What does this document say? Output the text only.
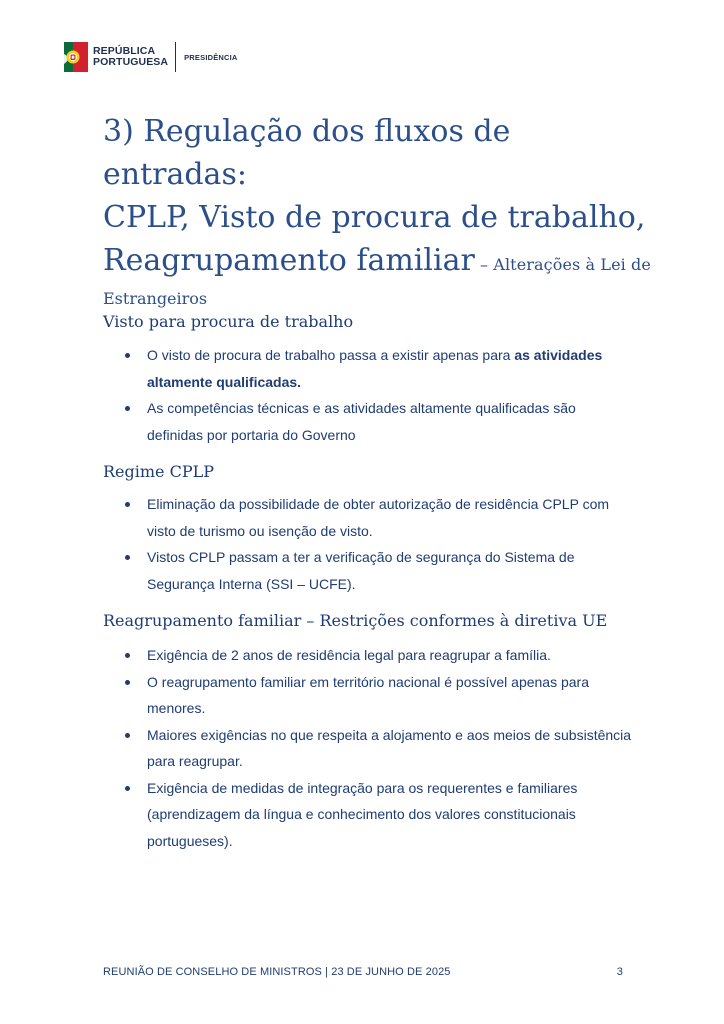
REPÚBLICA
PORTUGUESA PRESIDÊNCIA
3) Regulação dos fluxos de entradas:
CPLP, Visto de procura de trabalho,
Reagrupamento familiar – Alterações à Lei de
Estrangeiros
Visto para procura de trabalho
O visto de procura de trabalho passa a existir apenas para as atividades altamente qualificadas.
As competências técnicas e as atividades altamente qualificadas são definidas por portaria do Governo
Regime CPLP
Eliminação da possibilidade de obter autorização de residência CPLP com visto de turismo ou isenção de visto.
Vistos CPLP passam a ter a verificação de segurança do Sistema de Segurança Interna (SSI – UCFE).
Reagrupamento familiar – Restrições conformes à diretiva UE
Exigência de 2 anos de residência legal para reagrupar a família.
O reagrupamento familiar em território nacional é possível apenas para menores.
Maiores exigências no que respeita a alojamento e aos meios de subsistência para reagrupar.
Exigência de medidas de integração para os requerentes e familiares (aprendizagem da língua e conhecimento dos valores constitucionais portugueses).
REUNIÃO DE CONSELHO DE MINISTROS | 23 DE JUNHO DE 2025	3
